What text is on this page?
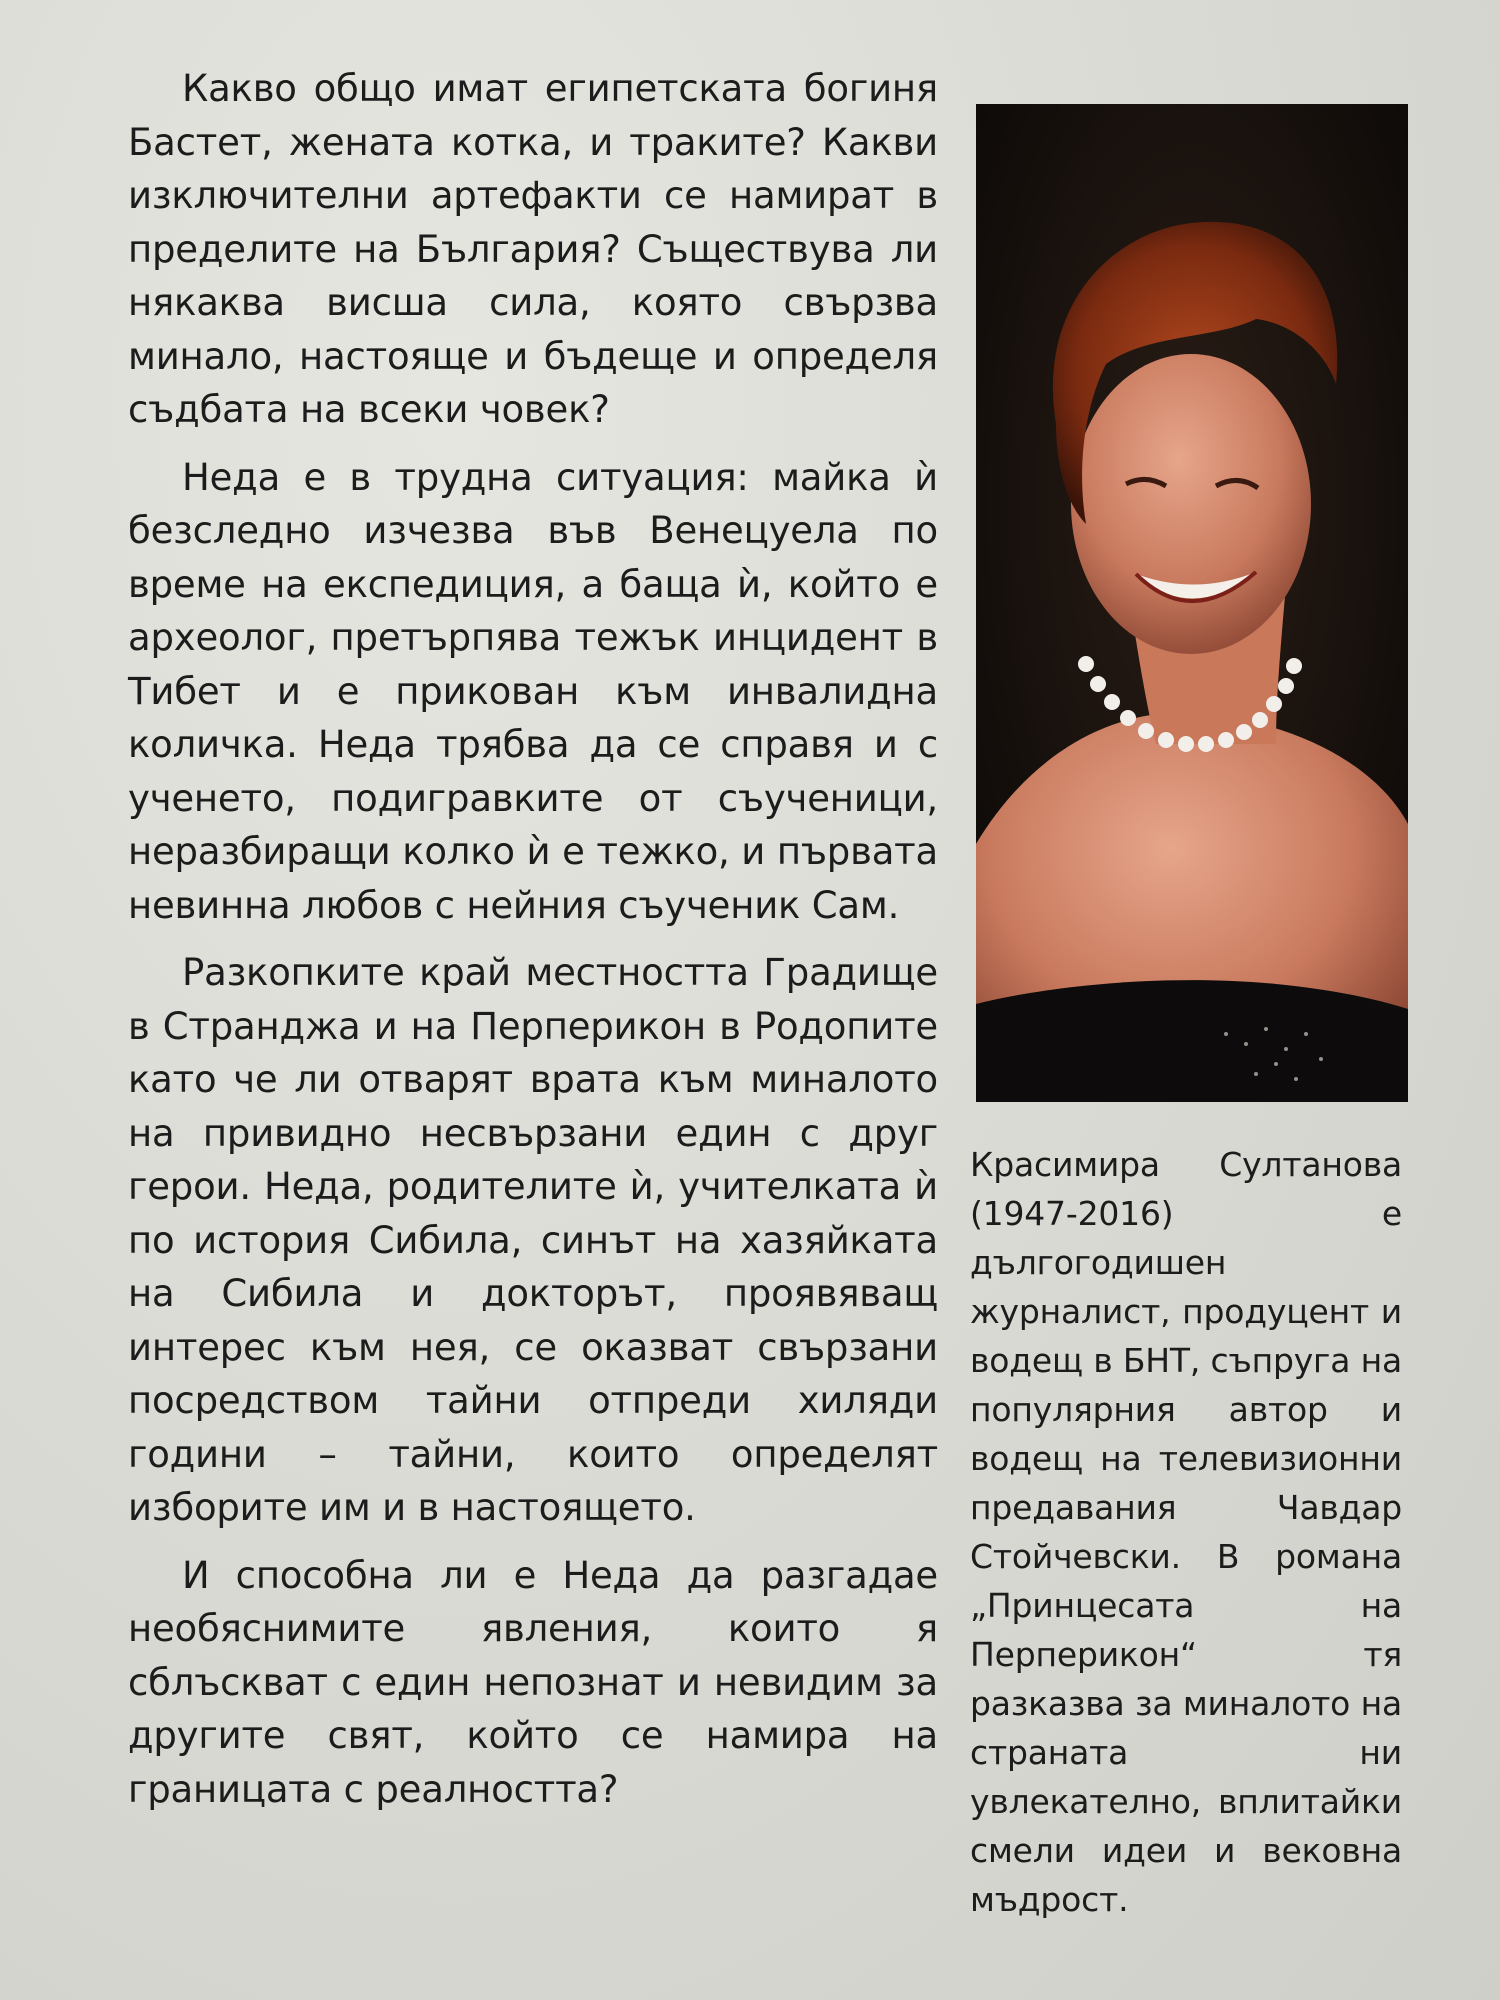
Какво общо имат египетската богиня Бастет, жената котка, и траките? Какви изключителни артефакти се намират в пределите на България? Съществува ли някаква висша сила, която свързва минало, настояще и бъдеще и определя съдбата на всеки човек?

Неда е в трудна ситуация: майка ѝ безследно изчезва във Венецуела по време на експедиция, а баща ѝ, който е археолог, претърпява тежък инцидент в Тибет и е прикован към инвалидна количка. Неда трябва да се справя и с ученето, подигравките от съученици, неразбиращи колко ѝ е тежко, и първата невинна любов с нейния съученик Сам.

Разкопките край местността Градище в Странджа и на Перперикон в Родопите като че ли отварят врата към миналото на привидно несвързани един с друг герои. Неда, родителите ѝ, учителката ѝ по история Сибила, синът на хазяйката на Сибила и докторът, проявяващ интерес към нея, се оказват свързани посредством тайни отпреди хиляди години – тайни, които определят изборите им и в настоящето.

И способна ли е Неда да разгадае необяснимите явления, които я сблъскват с един непознат и невидим за другите свят, който се намира на границата с реалността?

Красимира Султанова (1947-2016) е дългогодишен журналист, продуцент и водещ в БНТ, съпруга на популярния автор и водещ на телевизионни предавания Чавдар Стойчевски. В романа „Принцесата на Перперикон“ тя разказва за миналото на страната ни увлекателно, вплитайки смели идеи и вековна мъдрост.
